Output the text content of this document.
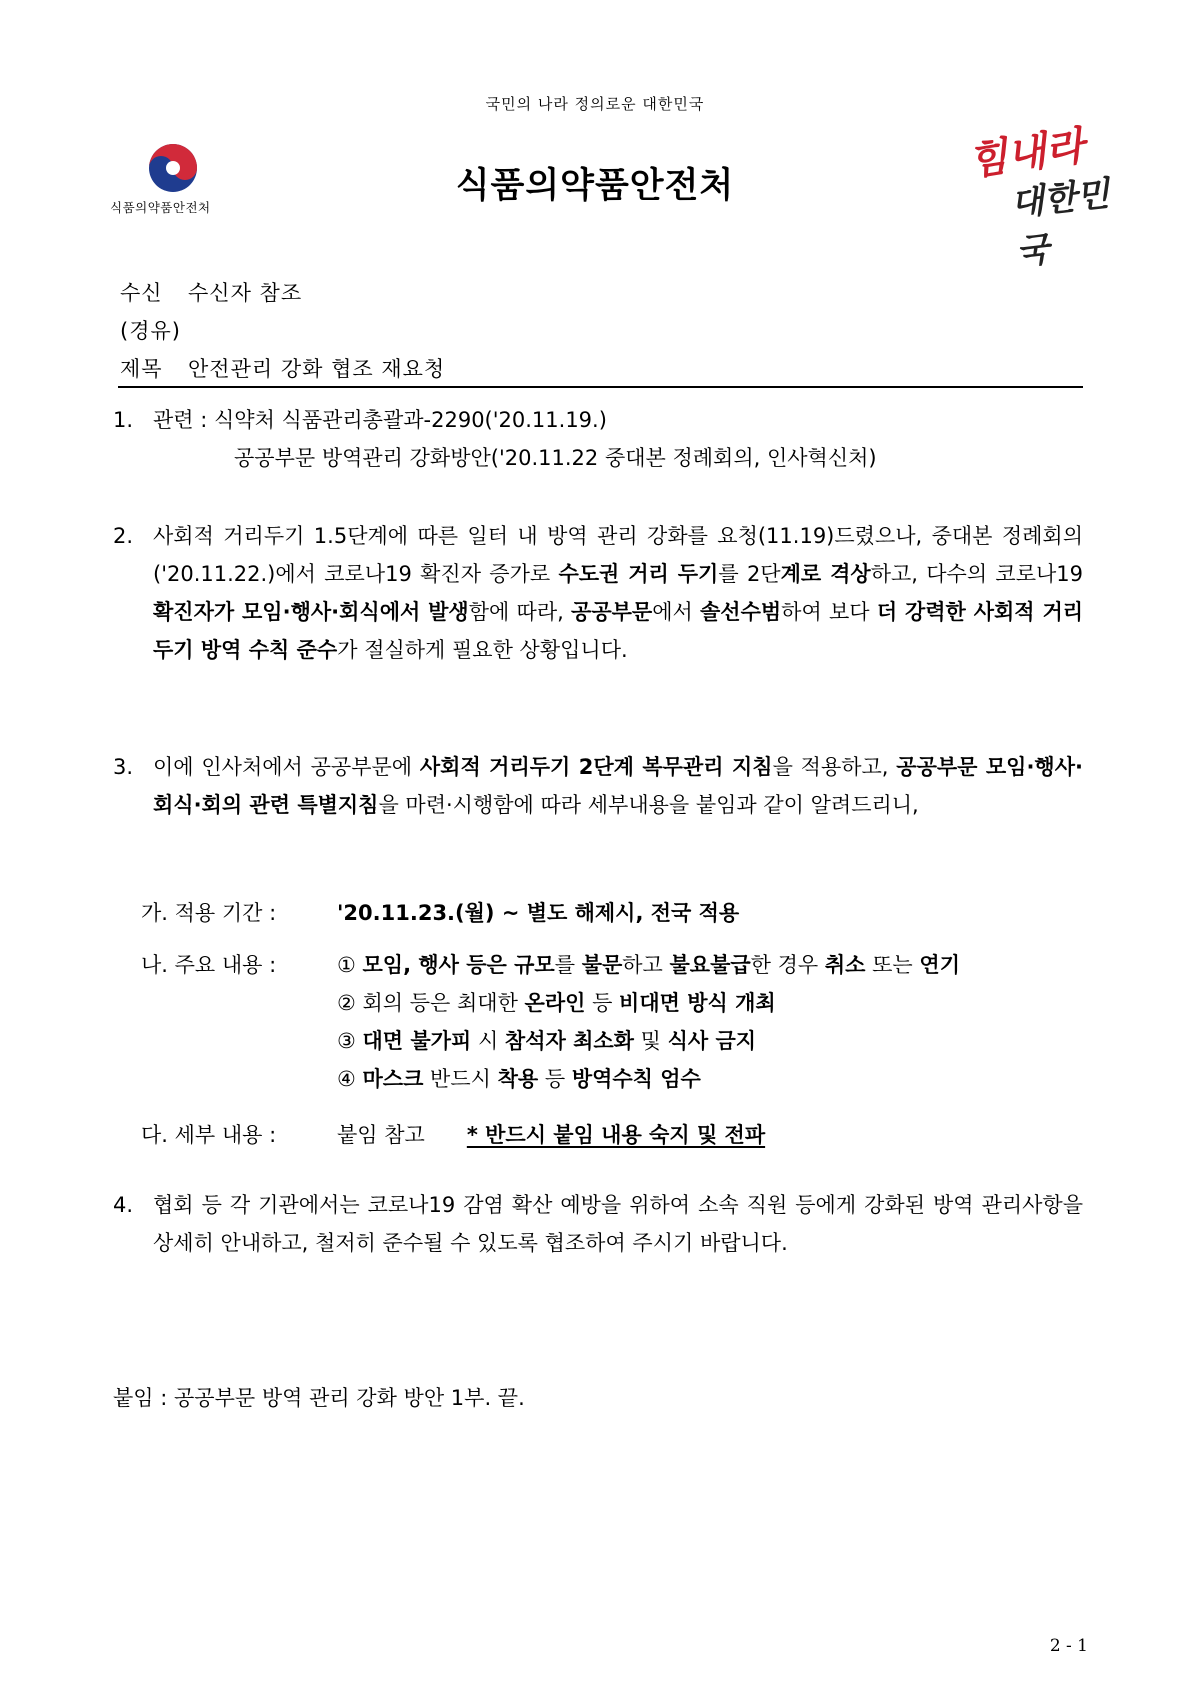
국민의 나라 정의로운 대한민국
식품의약품안전처
식품의약품안전처
힘내라
대한민국
수신 수신자 참조
(경유)
제목 안전관리 강화 협조 재요청
1. 관련 : 식약처 식품관리총괄과-2290('20.11.19.)
공공부문 방역관리 강화방안('20.11.22 중대본 정례회의, 인사혁신처)
2. 사회적 거리두기 1.5단계에 따른 일터 내 방역 관리 강화를 요청(11.19)드렸으나, 중대본 정례회의('20.11.22.)에서 코로나19 확진자 증가로 수도권 거리 두기를 2단계로 격상하고, 다수의 코로나19 확진자가 모임·행사·회식에서 발생함에 따라, 공공부문에서 솔선수범하여 보다 더 강력한 사회적 거리두기 방역 수칙 준수가 절실하게 필요한 상황입니다.
3. 이에 인사처에서 공공부문에 사회적 거리두기 2단계 복무관리 지침을 적용하고, 공공부문 모임·행사·회식·회의 관련 특별지침을 마련·시행함에 따라 세부내용을 붙임과 같이 알려드리니,
가. 적용 기간 :	'20.11.23.(월) ~ 별도 해제시, 전국 적용
나. 주요 내용 :	① 모임, 행사 등은 규모를 불문하고 불요불급한 경우 취소 또는 연기
② 회의 등은 최대한 온라인 등 비대면 방식 개최
③ 대면 불가피 시 참석자 최소화 및 식사 금지
④ 마스크 반드시 착용 등 방역수칙 엄수
다. 세부 내용 :	붙임 참고 * 반드시 붙임 내용 숙지 및 전파
4. 협회 등 각 기관에서는 코로나19 감염 확산 예방을 위하여 소속 직원 등에게 강화된 방역 관리사항을 상세히 안내하고, 철저히 준수될 수 있도록 협조하여 주시기 바랍니다.
붙임 : 공공부문 방역 관리 강화 방안 1부. 끝.
2 - 1
